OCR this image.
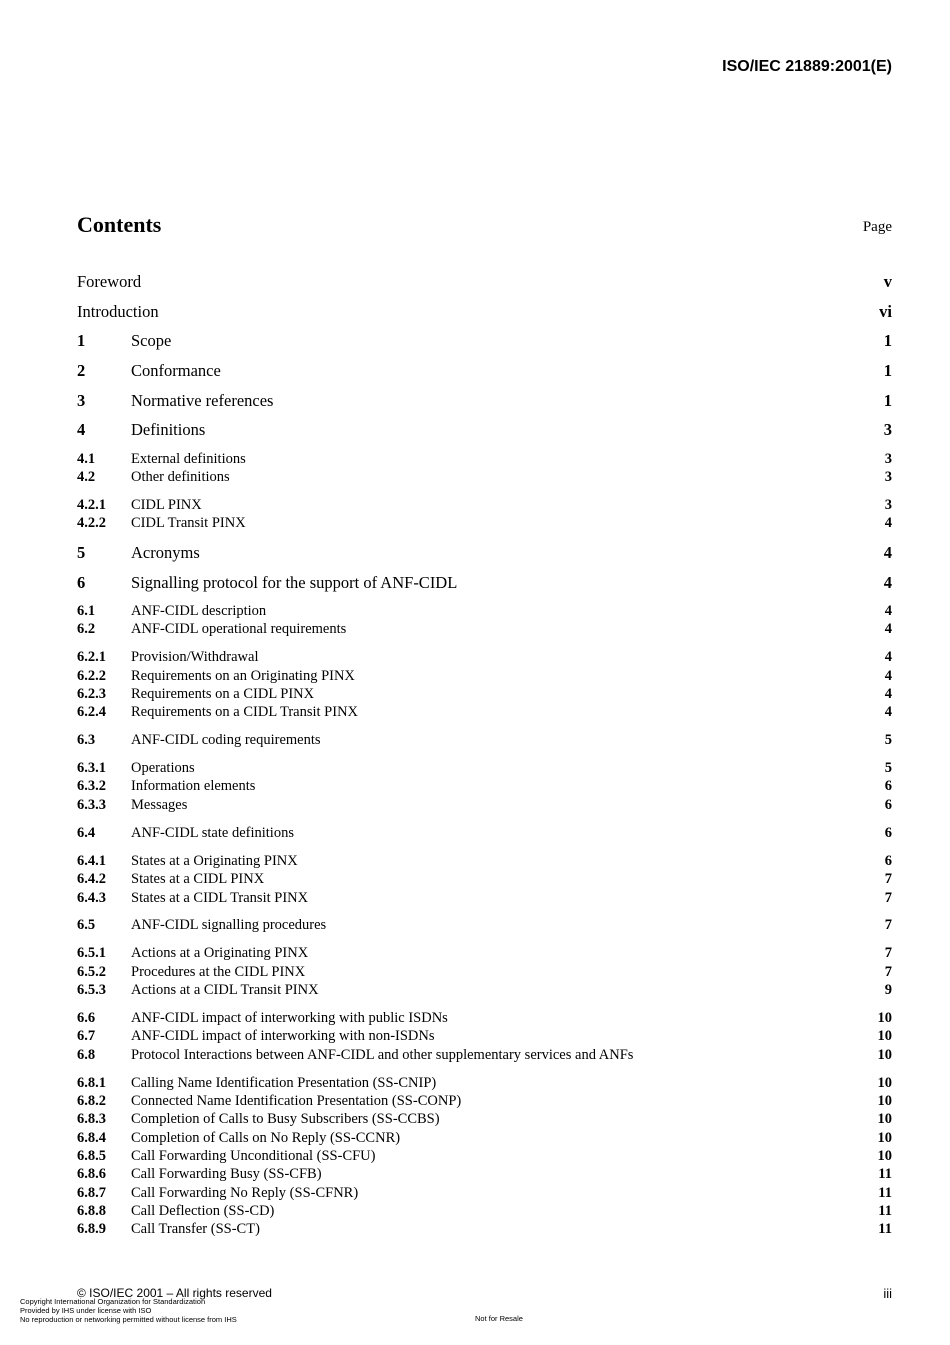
ISO/IEC 21889:2001(E)
Contents	Page
Foreword	v
Introduction	vi
1	Scope	1
2	Conformance	1
3	Normative references	1
4	Definitions	3
4.1 External definitions	3
4.2 Other definitions	3
4.2.1 CIDL PINX	3
4.2.2 CIDL Transit PINX	4
5	Acronyms	4
6	Signalling protocol for the support of ANF-CIDL	4
6.1 ANF-CIDL description	4
6.2 ANF-CIDL operational requirements	4
6.2.1 Provision/Withdrawal	4
6.2.2 Requirements on an Originating PINX	4
6.2.3 Requirements on a CIDL PINX	4
6.2.4 Requirements on a CIDL Transit PINX	4
6.3 ANF-CIDL coding requirements	5
6.3.1 Operations	5
6.3.2 Information elements	6
6.3.3 Messages	6
6.4 ANF-CIDL state definitions	6
6.4.1 States at a Originating PINX	6
6.4.2 States at a CIDL PINX	7
6.4.3 States at a CIDL Transit PINX	7
6.5 ANF-CIDL signalling procedures	7
6.5.1 Actions at a Originating PINX	7
6.5.2 Procedures at the CIDL PINX	7
6.5.3 Actions at a CIDL Transit PINX	9
6.6 ANF-CIDL impact of interworking with public ISDNs	10
6.7 ANF-CIDL impact of interworking with non-ISDNs	10
6.8 Protocol Interactions between ANF-CIDL and other supplementary services and ANFs	10
6.8.1 Calling Name Identification Presentation (SS-CNIP)	10
6.8.2 Connected Name Identification Presentation (SS-CONP)	10
6.8.3 Completion of Calls to Busy Subscribers (SS-CCBS)	10
6.8.4 Completion of Calls on No Reply (SS-CCNR)	10
6.8.5 Call Forwarding Unconditional (SS-CFU)	10
6.8.6 Call Forwarding Busy (SS-CFB)	11
6.8.7 Call Forwarding No Reply (SS-CFNR)	11
6.8.8 Call Deflection (SS-CD)	11
6.8.9 Call Transfer (SS-CT)	11
© ISO/IEC 2001 – All rights reserved	iii
Copyright International Organization for Standardization
Provided by IHS under license with ISO
No reproduction or networking permitted without license from IHS	Not for Resale
